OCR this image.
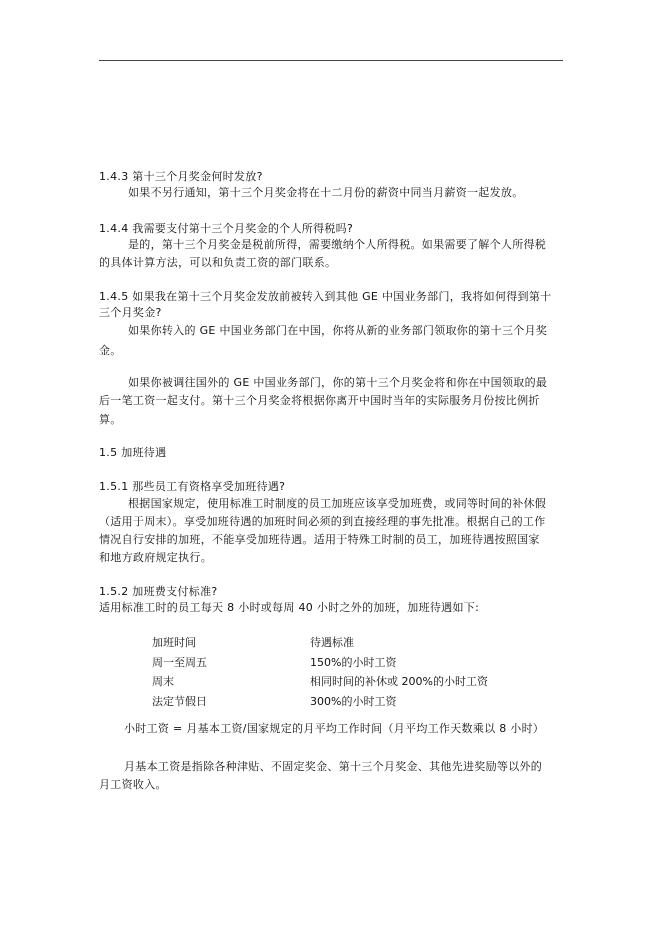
1.4.3 第十三个月奖金何时发放?
如果不另行通知，第十三个月奖金将在十二月份的薪资中同当月薪资一起发放。
1.4.4 我需要支付第十三个月奖金的个人所得税吗?
是的，第十三个月奖金是税前所得，需要缴纳个人所得税。如果需要了解个人所得税
的具体计算方法，可以和负责工资的部门联系。
1.4.5 如果我在第十三个月奖金发放前被转入到其他 GE 中国业务部门，我将如何得到第十
三个月奖金?
如果你转入的 GE 中国业务部门在中国，你将从新的业务部门领取你的第十三个月奖
金。
如果你被调往国外的 GE 中国业务部门，你的第十三个月奖金将和你在中国领取的最
后一笔工资一起支付。第十三个月奖金将根据你离开中国时当年的实际服务月份按比例折
算。
1.5 加班待遇
1.5.1 那些员工有资格享受加班待遇?
根据国家规定，使用标准工时制度的员工加班应该享受加班费，或同等时间的补休假
（适用于周末）。享受加班待遇的加班时间必须的到直接经理的事先批准。根据自己的工作
情况自行安排的加班，不能享受加班待遇。适用于特殊工时制的员工，加班待遇按照国家
和地方政府规定执行。
1.5.2 加班费支付标准?
适用标准工时的员工每天 8 小时或每周 40 小时之外的加班，加班待遇如下:
加班时间	待遇标准
周一至周五	150%的小时工资
周末	相同时间的补休或 200%的小时工资
法定节假日	300%的小时工资
小时工资 = 月基本工资/国家规定的月平均工作时间（月平均工作天数乘以 8 小时）
月基本工资是指除各种津贴、不固定奖金、第十三个月奖金、其他先进奖励等以外的
月工资收入。
